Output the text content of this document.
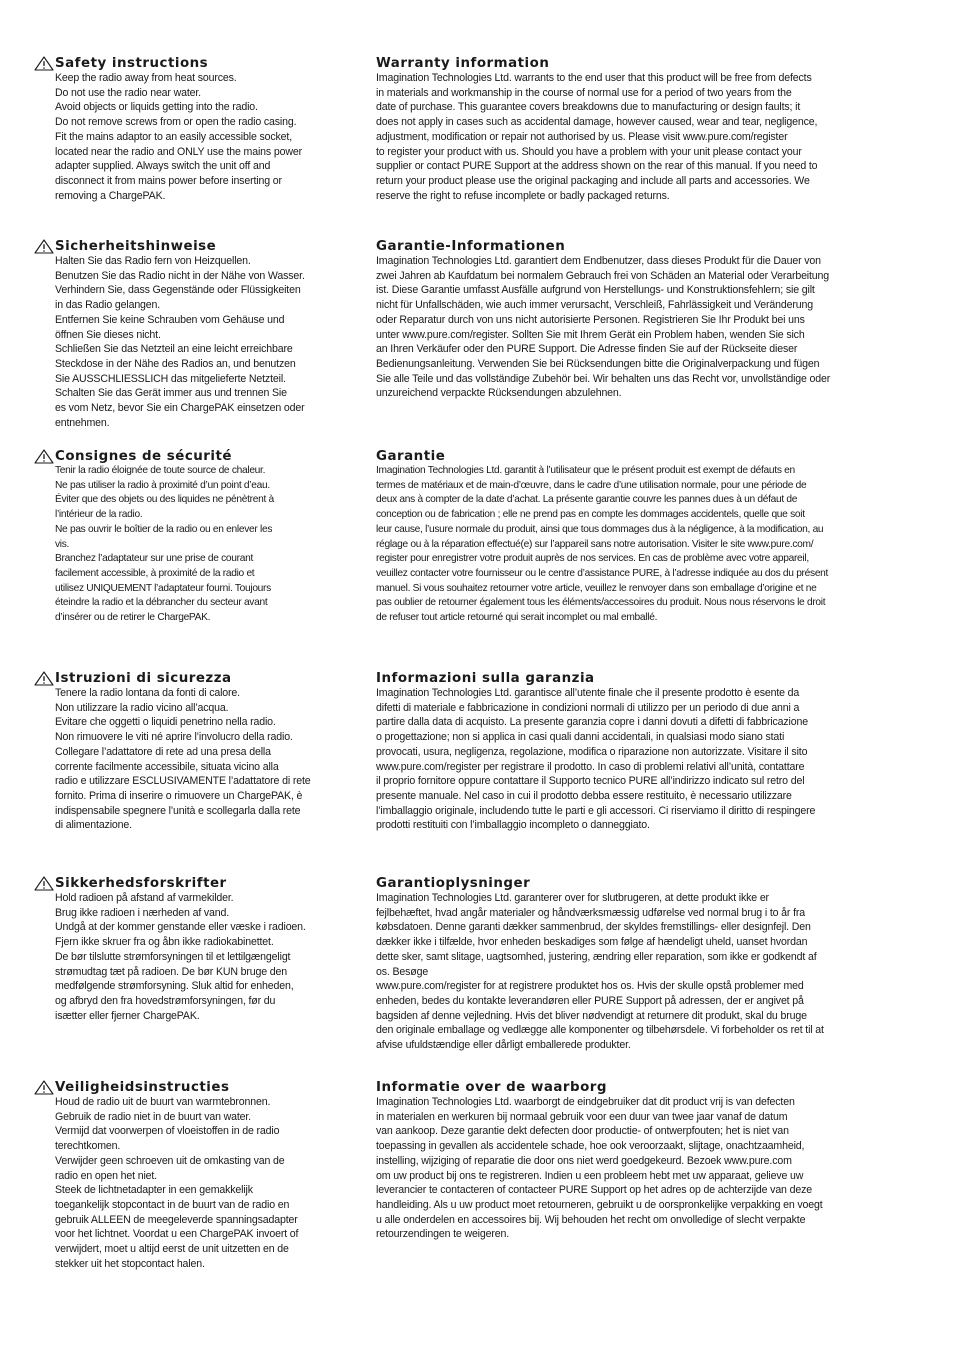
Safety instructions

Keep the radio away from heat sources.
Do not use the radio near water.
Avoid objects or liquids getting into the radio.
Do not remove screws from or open the radio casing.
Fit the mains adaptor to an easily accessible socket,
located near the radio and ONLY use the mains power
adapter supplied. Always switch the unit off and
disconnect it from mains power before inserting or
removing a ChargePAK.

Warranty information

Imagination Technologies Ltd. warrants to the end user that this product will be free from defects
in materials and workmanship in the course of normal use for a period of two years from the
date of purchase. This guarantee covers breakdowns due to manufacturing or design faults; it
does not apply in cases such as accidental damage, however caused, wear and tear, negligence,
adjustment, modification or repair not authorised by us. Please visit www.pure.com/register
to register your product with us. Should you have a problem with your unit please contact your
supplier or contact PURE Support at the address shown on the rear of this manual. If you need to
return your product please use the original packaging and include all parts and accessories. We
reserve the right to refuse incomplete or badly packaged returns.

Sicherheitshinweise

Halten Sie das Radio fern von Heizquellen.
Benutzen Sie das Radio nicht in der Nähe von Wasser.
Verhindern Sie, dass Gegenstände oder Flüssigkeiten
in das Radio gelangen.
Entfernen Sie keine Schrauben vom Gehäuse und
öffnen Sie dieses nicht.
Schließen Sie das Netzteil an eine leicht erreichbare
Steckdose in der Nähe des Radios an, und benutzen
Sie AUSSCHLIESSLICH das mitgelieferte Netzteil.
Schalten Sie das Gerät immer aus und trennen Sie
es vom Netz, bevor Sie ein ChargePAK einsetzen oder
entnehmen.

Garantie-Informationen

Imagination Technologies Ltd. garantiert dem Endbenutzer, dass dieses Produkt für die Dauer von
zwei Jahren ab Kaufdatum bei normalem Gebrauch frei von Schäden an Material oder Verarbeitung
ist. Diese Garantie umfasst Ausfälle aufgrund von Herstellungs- und Konstruktionsfehlern; sie gilt
nicht für Unfallschäden, wie auch immer verursacht, Verschleiß, Fahrlässigkeit und Veränderung
oder Reparatur durch von uns nicht autorisierte Personen. Registrieren Sie Ihr Produkt bei uns
unter www.pure.com/register. Sollten Sie mit Ihrem Gerät ein Problem haben, wenden Sie sich
an Ihren Verkäufer oder den PURE Support. Die Adresse finden Sie auf der Rückseite dieser
Bedienungsanleitung. Verwenden Sie bei Rücksendungen bitte die Originalverpackung und fügen
Sie alle Teile und das vollständige Zubehör bei. Wir behalten uns das Recht vor, unvollständige oder
unzureichend verpackte Rücksendungen abzulehnen.

Consignes de sécurité

Tenir la radio éloignée de toute source de chaleur.
Ne pas utiliser la radio à proximité d’un point d’eau.
Éviter que des objets ou des liquides ne pénètrent à
l’intérieur de la radio.
Ne pas ouvrir le boîtier de la radio ou en enlever les
vis.
Branchez l’adaptateur sur une prise de courant
facilement accessible, à proximité de la radio et
utilisez UNIQUEMENT l’adaptateur fourni. Toujours
éteindre la radio et la débrancher du secteur avant
d’insérer ou de retirer le ChargePAK.

Garantie

Imagination Technologies Ltd. garantit à l’utilisateur que le présent produit est exempt de défauts en
termes de matériaux et de main-d’œuvre, dans le cadre d’une utilisation normale, pour une période de
deux ans à compter de la date d’achat. La présente garantie couvre les pannes dues à un défaut de
conception ou de fabrication ; elle ne prend pas en compte les dommages accidentels, quelle que soit
leur cause, l’usure normale du produit, ainsi que tous dommages dus à la négligence, à la modification, au
réglage ou à la réparation effectué(e) sur l’appareil sans notre autorisation. Visiter le site www.pure.com/
register pour enregistrer votre produit auprès de nos services. En cas de problème avec votre appareil,
veuillez contacter votre fournisseur ou le centre d’assistance PURE, à l’adresse indiquée au dos du présent
manuel. Si vous souhaitez retourner votre article, veuillez le renvoyer dans son emballage d’origine et ne
pas oublier de retourner également tous les éléments/accessoires du produit. Nous nous réservons le droit
de refuser tout article retourné qui serait incomplet ou mal emballé.

Istruzioni di sicurezza

Tenere la radio lontana da fonti di calore.
Non utilizzare la radio vicino all’acqua.
Evitare che oggetti o liquidi penetrino nella radio.
Non rimuovere le viti né aprire l’involucro della radio.
Collegare l’adattatore di rete ad una presa della
corrente facilmente accessibile, situata vicino alla
radio e utilizzare ESCLUSIVAMENTE l’adattatore di rete
fornito. Prima di inserire o rimuovere un ChargePAK, è
indispensabile spegnere l’unità e scollegarla dalla rete
di alimentazione.

Informazioni sulla garanzia

Imagination Technologies Ltd. garantisce all’utente finale che il presente prodotto è esente da
difetti di materiale e fabbricazione in condizioni normali di utilizzo per un periodo di due anni a
partire dalla data di acquisto. La presente garanzia copre i danni dovuti a difetti di fabbricazione
o progettazione; non si applica in casi quali danni accidentali, in qualsiasi modo siano stati
provocati, usura, negligenza, regolazione, modifica o riparazione non autorizzate. Visitare il sito
www.pure.com/register per registrare il prodotto. In caso di problemi relativi all’unità, contattare
il proprio fornitore oppure contattare il Supporto tecnico PURE all’indirizzo indicato sul retro del
presente manuale. Nel caso in cui il prodotto debba essere restituito, è necessario utilizzare
l’imballaggio originale, includendo tutte le parti e gli accessori. Ci riserviamo il diritto di respingere
prodotti restituiti con l’imballaggio incompleto o danneggiato.

Sikkerhedsforskrifter

Hold radioen på afstand af varmekilder.
Brug ikke radioen i nærheden af vand.
Undgå at der kommer genstande eller væske i radioen.
Fjern ikke skruer fra og åbn ikke radiokabinettet.
De bør tilslutte strømforsyningen til et lettilgængeligt
strømudtag tæt på radioen. De bør KUN bruge den
medfølgende strømforsyning. Sluk altid for enheden,
og afbryd den fra hovedstrømforsyningen, før du
isætter eller fjerner ChargePAK.

Garantioplysninger

Imagination Technologies Ltd. garanterer over for slutbrugeren, at dette produkt ikke er
fejlbehæftet, hvad angår materialer og håndværksmæssig udførelse ved normal brug i to år fra
købsdatoen. Denne garanti dækker sammenbrud, der skyldes fremstillings- eller designfejl. Den
dækker ikke i tilfælde, hvor enheden beskadiges som følge af hændeligt uheld, uanset hvordan
dette sker, samt slitage, uagtsomhed, justering, ændring eller reparation, som ikke er godkendt af
os. Besøge
www.pure.com/register for at registrere produktet hos os. Hvis der skulle opstå problemer med
enheden, bedes du kontakte leverandøren eller PURE Support på adressen, der er angivet på
bagsiden af denne vejledning. Hvis det bliver nødvendigt at returnere dit produkt, skal du bruge
den originale emballage og vedlægge alle komponenter og tilbehørsdele. Vi forbeholder os ret til at
afvise ufuldstændige eller dårligt emballerede produkter.

Veiligheidsinstructies

Houd de radio uit de buurt van warmtebronnen.
Gebruik de radio niet in de buurt van water.
Vermijd dat voorwerpen of vloeistoffen in de radio
terechtkomen.
Verwijder geen schroeven uit de omkasting van de
radio en open het niet.
Steek de lichtnetadapter in een gemakkelijk
toegankelijk stopcontact in de buurt van de radio en
gebruik ALLEEN de meegeleverde spanningsadapter
voor het lichtnet. Voordat u een ChargePAK invoert of
verwijdert, moet u altijd eerst de unit uitzetten en de
stekker uit het stopcontact halen.

Informatie over de waarborg

Imagination Technologies Ltd. waarborgt de eindgebruiker dat dit product vrij is van defecten
in materialen en werkuren bij normaal gebruik voor een duur van twee jaar vanaf de datum
van aankoop. Deze garantie dekt defecten door productie- of ontwerpfouten; het is niet van
toepassing in gevallen als accidentele schade, hoe ook veroorzaakt, slijtage, onachtzaamheid,
instelling, wijziging of reparatie die door ons niet werd goedgekeurd. Bezoek www.pure.com
om uw product bij ons te registreren. Indien u een probleem hebt met uw apparaat, gelieve uw
leverancier te contacteren of contacteer PURE Support op het adres op de achterzijde van deze
handleiding. Als u uw product moet retourneren, gebruikt u de oorspronkelijke verpakking en voegt
u alle onderdelen en accessoires bij. Wij behouden het recht om onvolledige of slecht verpakte
retourzendingen te weigeren.
